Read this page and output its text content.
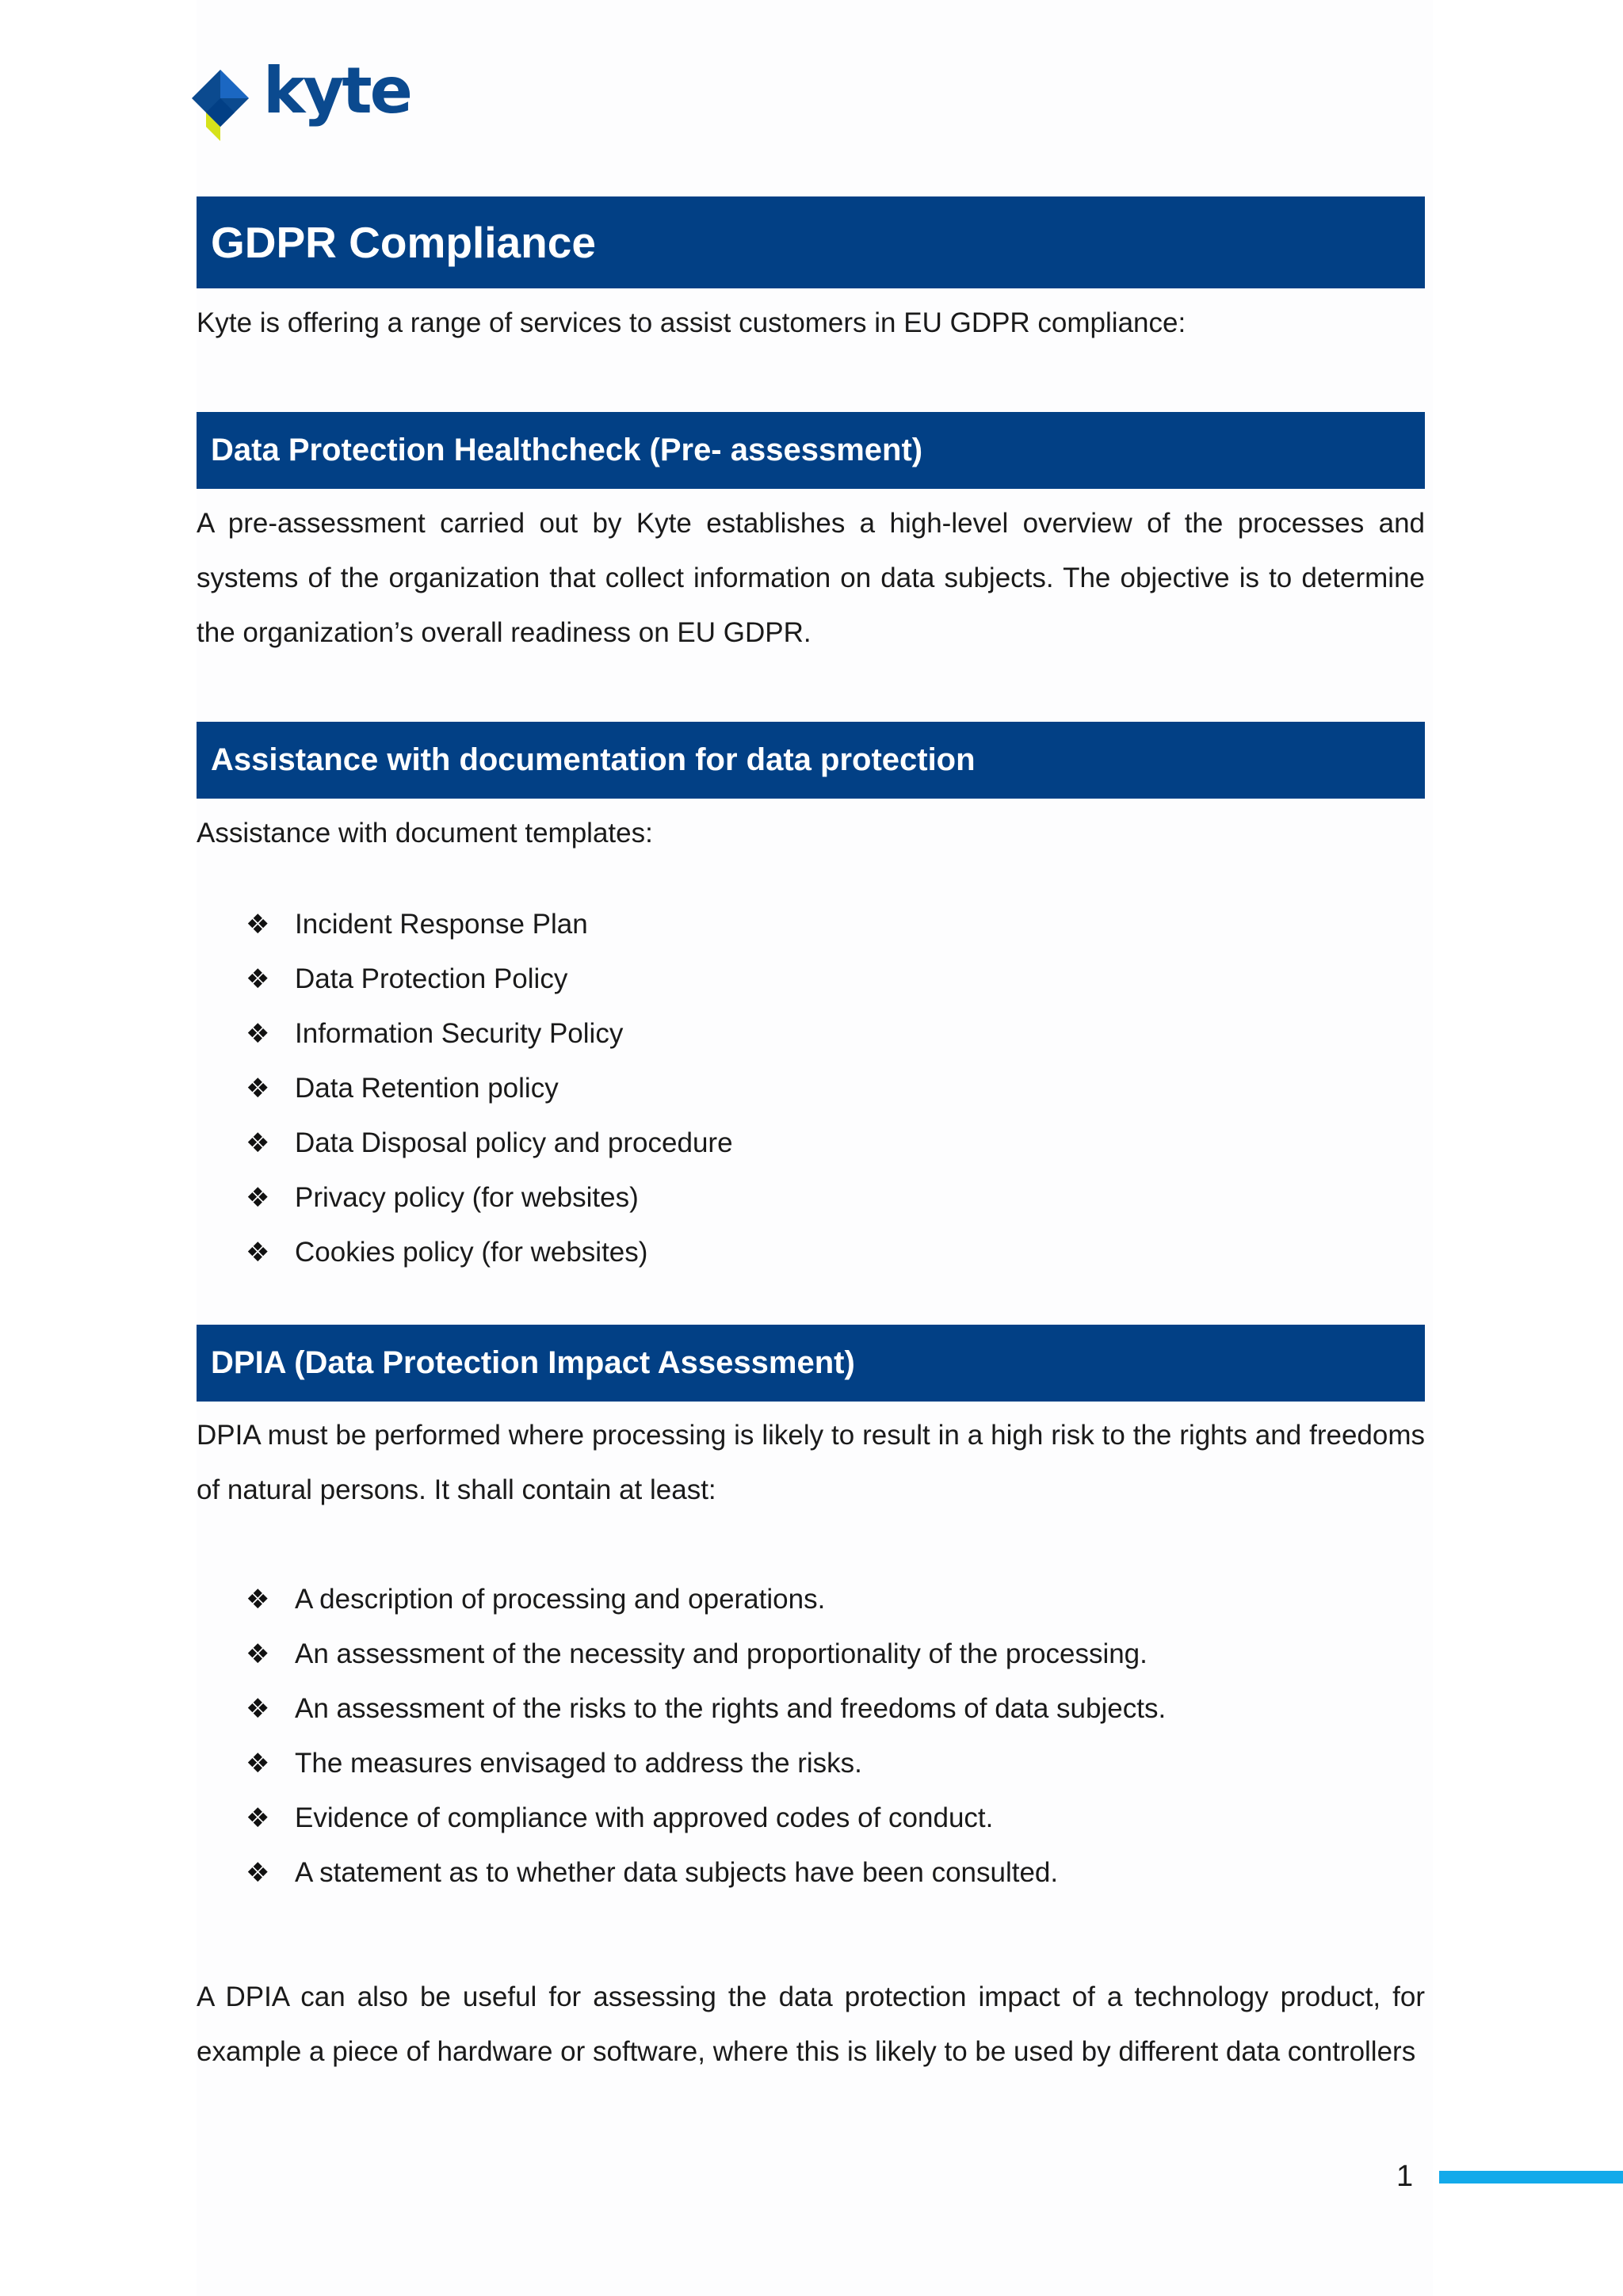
kyte
GDPR Compliance
Kyte is offering a range of services to assist customers in EU GDPR compliance:
Data Protection Healthcheck (Pre- assessment)
A pre-assessment carried out by Kyte establishes a high-level overview of the processes and systems of the organization that collect information on data subjects. The objective is to determine the organization’s overall readiness on EU GDPR.
Assistance with documentation for data protection
Assistance with document templates:
❖ Incident Response Plan
❖ Data Protection Policy
❖ Information Security Policy
❖ Data Retention policy
❖ Data Disposal policy and procedure
❖ Privacy policy (for websites)
❖ Cookies policy (for websites)
DPIA (Data Protection Impact Assessment)
DPIA must be performed where processing is likely to result in a high risk to the rights and freedoms of natural persons. It shall contain at least:
❖ A description of processing and operations.
❖ An assessment of the necessity and proportionality of the processing.
❖ An assessment of the risks to the rights and freedoms of data subjects.
❖ The measures envisaged to address the risks.
❖ Evidence of compliance with approved codes of conduct.
❖ A statement as to whether data subjects have been consulted.
A DPIA can also be useful for assessing the data protection impact of a technology product, for example a piece of hardware or software, where this is likely to be used by different data controllers
1
